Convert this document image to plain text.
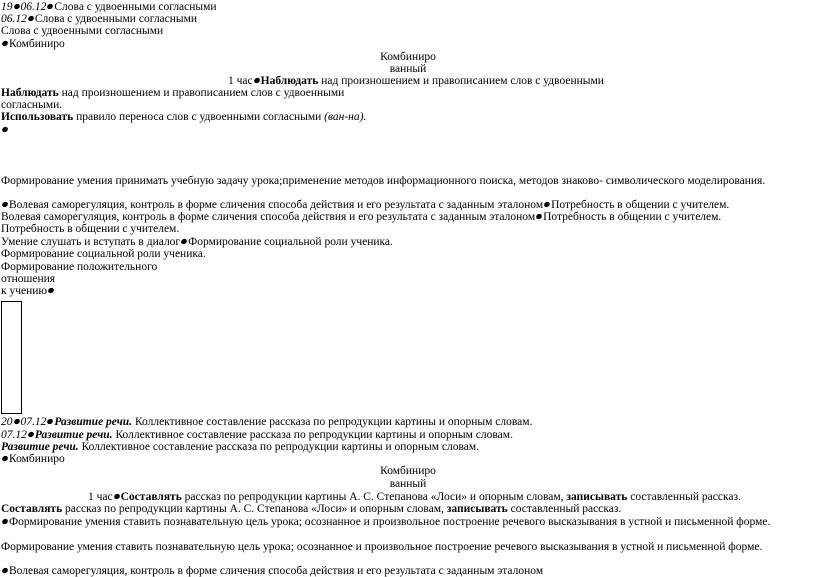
19 06.12 Слова с удвоенными согласными
06.12 Слова с удвоенными согласными
Слова с удвоенными согласными
Комбиниро
Комбиниро
ванный
1 час Наблюдать над произношением и правописанием слов с удвоенными
Наблюдать над произношением и правописанием слов с удвоенными
согласными.
Использовать правило переноса слов с удвоенными согласными (ван-на).
Формирование умения принимать учебную задачу урока;применение методов информационного поиска, методов знаково- символического моделирования.
Волевая саморегуляция, контроль в форме сличения способа действия и его результата с заданным эталоном Потребность в общении с учителем.
Волевая саморегуляция, контроль в форме сличения способа действия и его результата с заданным эталоном Потребность в общении с учителем.
Потребность в общении с учителем.
Умение слушать и вступать в диалог Формирование социальной роли ученика.
Формирование социальной роли ученика.
Формирование положительного
отношения
к учению
20 07.12 Развитие речи. Коллективное составление рассказа по репродукции картины и опорным словам.
07.12 Развитие речи. Коллективное составление рассказа по репродукции картины и опорным словам.
Развитие речи. Коллективное составление рассказа по репродукции картины и опорным словам.
Комбиниро
Комбиниро
ванный
1 час Составлять рассказ по репродукции картины А. С. Степанова «Лоси» и опорным словам, записывать составленный рассказ.
Составлять рассказ по репродукции картины А. С. Степанова «Лоси» и опорным словам, записывать составленный рассказ.
Формирование умения ставить познавательную цель урока; осознанное и произвольное построение речевого высказывания в устной и письменной форме.
Формирование умения ставить познавательную цель урока; осознанное и произвольное построение речевого высказывания в устной и письменной форме.
Волевая саморегуляция, контроль в форме сличения способа действия и его результата с заданным эталоном
